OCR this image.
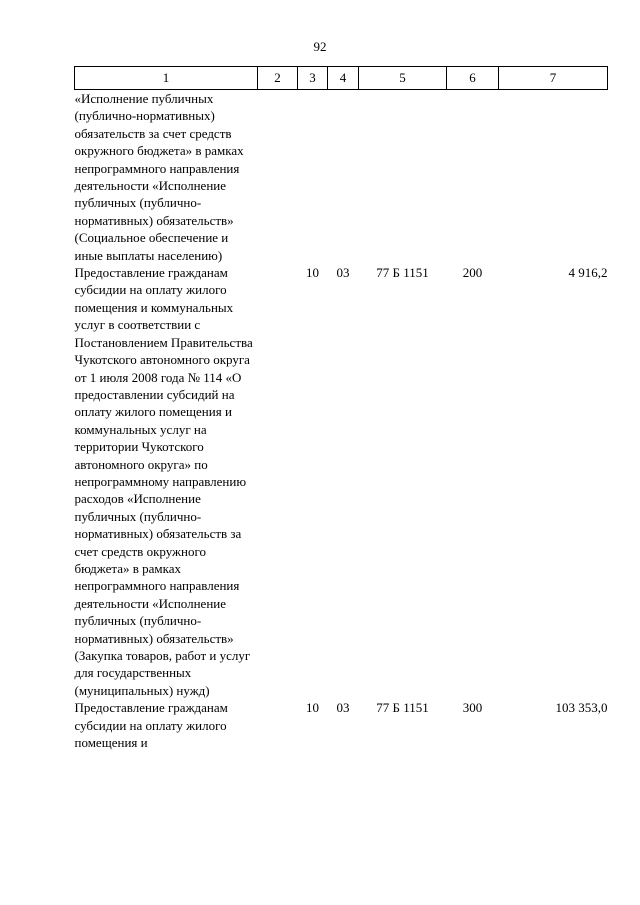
92
1	2	3	4	5	6	7
«Исполнение публичных (публично-нормативных) обязательств за счет средств окружного бюджета» в рамках непрограммного направления деятельности «Исполнение публичных (публично-нормативных) обязательств» (Социальное обеспечение и иные выплаты населению)						
Предоставление гражданам субсидии на оплату жилого помещения и коммунальных услуг в соответствии с Постановлением Правительства Чукотского автономного округа от 1 июля 2008 года № 114 «О предоставлении субсидий на оплату жилого помещения и коммунальных услуг на территории Чукотского автономного округа» по непрограммному направлению расходов «Исполнение публичных (публично-нормативных) обязательств за счет средств окружного бюджета» в рамках непрограммного направления деятельности «Исполнение публичных (публично-нормативных) обязательств» (Закупка товаров, работ и услуг для государственных (муниципальных) нужд)		10	03	77 Б 1151	200	4 916,2
Предоставление гражданам субсидии на оплату жилого помещения и		10	03	77 Б 1151	300	103 353,0
